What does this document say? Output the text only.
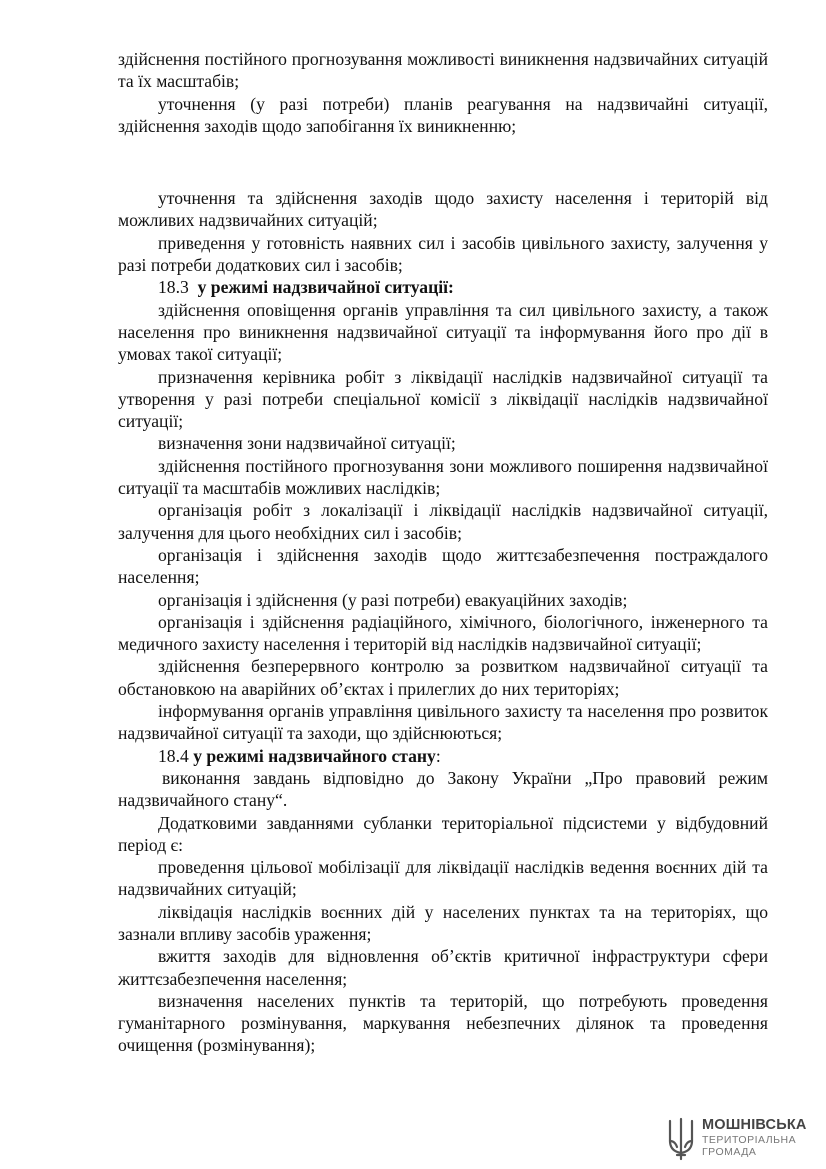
здійснення постійного прогнозування можливості виникнення надзвичайних ситуацій та їх масштабів;

уточнення (у разі потреби) планів реагування на надзвичайні ситуації, здійснення заходів щодо запобігання їх виникненню;

уточнення та здійснення заходів щодо захисту населення і територій від можливих надзвичайних ситуацій;

приведення у готовність наявних сил і засобів цивільного захисту, залучення у разі потреби додаткових сил і засобів;

18.3 у режимі надзвичайної ситуації:

здійснення оповіщення органів управління та сил цивільного захисту, а також населення про виникнення надзвичайної ситуації та інформування його про дії в умовах такої ситуації;

призначення керівника робіт з ліквідації наслідків надзвичайної ситуації та утворення у разі потреби спеціальної комісії з ліквідації наслідків надзвичайної ситуації;

визначення зони надзвичайної ситуації;

здійснення постійного прогнозування зони можливого поширення надзвичайної ситуації та масштабів можливих наслідків;

організація робіт з локалізації і ліквідації наслідків надзвичайної ситуації, залучення для цього необхідних сил і засобів;

організація і здійснення заходів щодо життєзабезпечення постраждалого населення;

організація і здійснення (у разі потреби) евакуаційних заходів;

організація і здійснення радіаційного, хімічного, біологічного, інженерного та медичного захисту населення і територій від наслідків надзвичайної ситуації;

здійснення безперервного контролю за розвитком надзвичайної ситуації та обстановкою на аварійних об’єктах і прилеглих до них територіях;

інформування органів управління цивільного захисту та населення про розвиток надзвичайної ситуації та заходи, що здійснюються;

18.4 у режимі надзвичайного стану:

виконання завдань відповідно до Закону України „Про правовий режим надзвичайного стану“.

Додатковими завданнями субланки територіальної підсистеми у відбудовний період є:

проведення цільової мобілізації для ліквідації наслідків ведення воєнних дій та надзвичайних ситуацій;

ліквідація наслідків воєнних дій у населених пунктах та на територіях, що зазнали впливу засобів ураження;

вжиття заходів для відновлення об’єктів критичної інфраструктури сфери життєзабезпечення населення;

визначення населених пунктів та територій, що потребують проведення гуманітарного розмінування, маркування небезпечних ділянок та проведення очищення (розмінування);

МОШНІВСЬКА
ТЕРИТОРІАЛЬНА
ГРОМАДА
